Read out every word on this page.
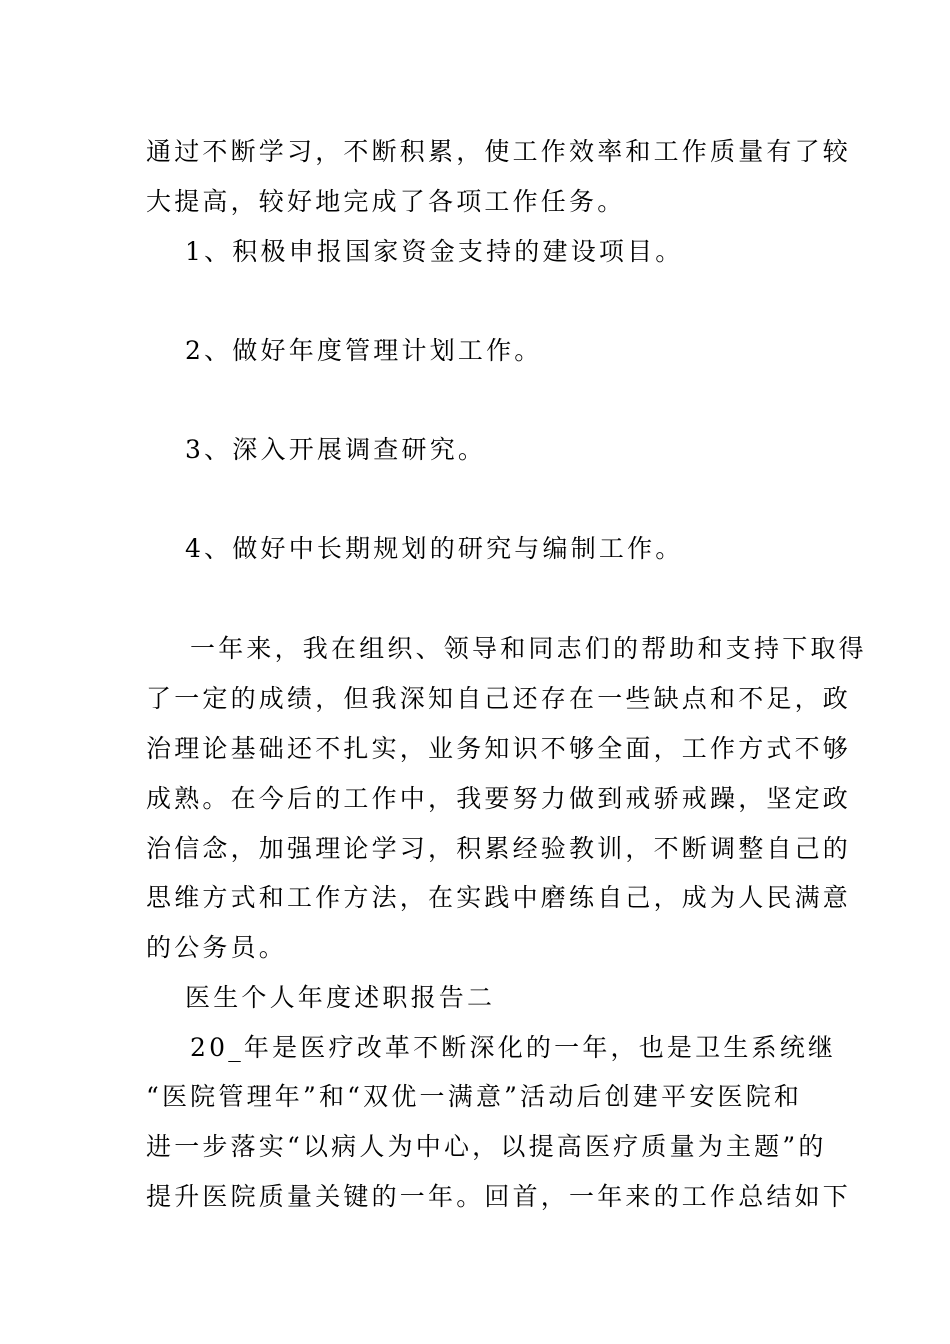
通过不断学习，不断积累，使工作效率和工作质量有了较
大提高，较好地完成了各项工作任务。
1、积极申报国家资金支持的建设项目。
2、做好年度管理计划工作。
3、深入开展调查研究。
4、做好中长期规划的研究与编制工作。
一年来，我在组织、领导和同志们的帮助和支持下取得
了一定的成绩，但我深知自己还存在一些缺点和不足，政
治理论基础还不扎实，业务知识不够全面，工作方式不够
成熟。在今后的工作中，我要努力做到戒骄戒躁，坚定政
治信念，加强理论学习，积累经验教训，不断调整自己的
思维方式和工作方法，在实践中磨练自己，成为人民满意
的公务员。
医生个人年度述职报告二
20_年是医疗改革不断深化的一年，也是卫生系统继
“医院管理年”和“双优一满意”活动后创建平安医院和
进一步落实“以病人为中心，以提高医疗质量为主题”的
提升医院质量关键的一年。回首，一年来的工作总结如下
